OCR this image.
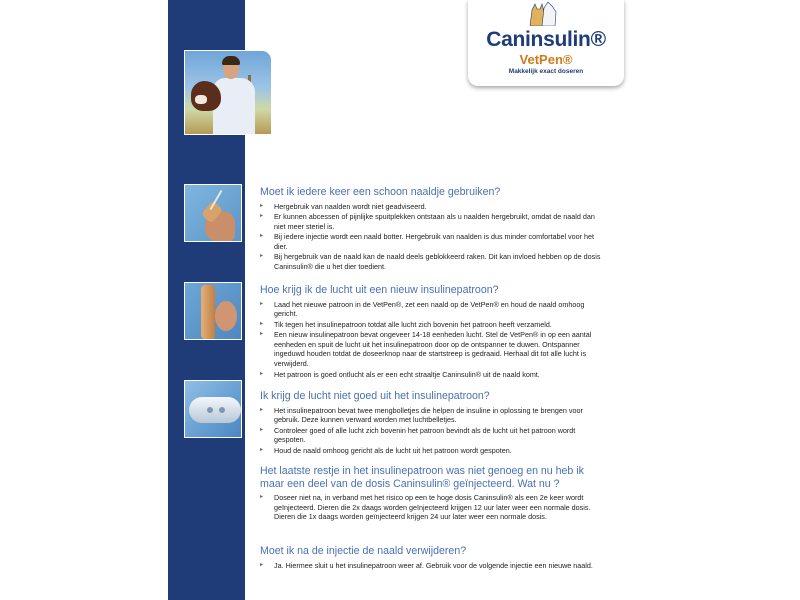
Caninsulin®
VetPen®
Makkelijk exact doseren
Moet ik iedere keer een schoon naaldje gebruiken?
▸ Hergebruik van naalden wordt niet geadviseerd.
▸ Er kunnen abcessen of pijnlijke spuitplekken ontstaan als u naalden hergebruikt, omdat de naald dan niet meer steriel is.
▸ Bij iedere injectie wordt een naald botter. Hergebruik van naalden is dus minder comfortabel voor het dier.
▸ Bij hergebruik van de naald kan de naald deels geblokkeerd raken. Dit kan invloed hebben op de dosis Caninsulin® die u het dier toedient.
Hoe krijg ik de lucht uit een nieuw insulinepatroon?
▸ Laad het nieuwe patroon in de VetPen®, zet een naald op de VetPen® en houd de naald omhoog gericht.
▸ Tik tegen het insulinepatroon totdat alle lucht zich bovenin het patroon heeft verzameld.
▸ Een nieuw insulinepatroon bevat ongeveer 14-18 eenheden lucht. Stel de VetPen® in op een aantal eenheden en spuit de lucht uit het insulinepatroon door op de ontspanner te duwen. Ontspanner ingeduwd houden totdat de doseerknop naar de startstreep is gedraaid. Herhaal dit tot alle lucht is verwijderd.
▸ Het patroon is goed ontlucht als er een echt straaltje Caninsulin® uit de naald komt.
Ik krijg de lucht niet goed uit het insulinepatroon?
▸ Het insulinepatroon bevat twee mengbolletjes die helpen de insuline in oplossing te brengen voor gebruik. Deze kunnen verward worden met luchtbelletjes.
▸ Controleer goed of alle lucht zich bovenin het patroon bevindt als de lucht uit het patroon wordt gespoten.
▸ Houd de naald omhoog gericht als de lucht uit het patroon wordt gespoten.
Het laatste restje in het insulinepatroon was niet genoeg en nu heb ik maar een deel van de dosis Caninsulin® geïnjecteerd. Wat nu ?
▸ Doseer niet na, in verband met het risico op een te hoge dosis Caninsulin® als een 2e keer wordt geïnjecteerd. Dieren die 2x daags worden geïnjecteerd krijgen 12 uur later weer een normale dosis. Dieren die 1x daags worden geïnjecteerd krijgen 24 uur later weer een normale dosis.
Moet ik na de injectie de naald verwijderen?
▸ Ja. Hiermee sluit u het insulinepatroon weer af. Gebruik voor de volgende injectie een nieuwe naald.
